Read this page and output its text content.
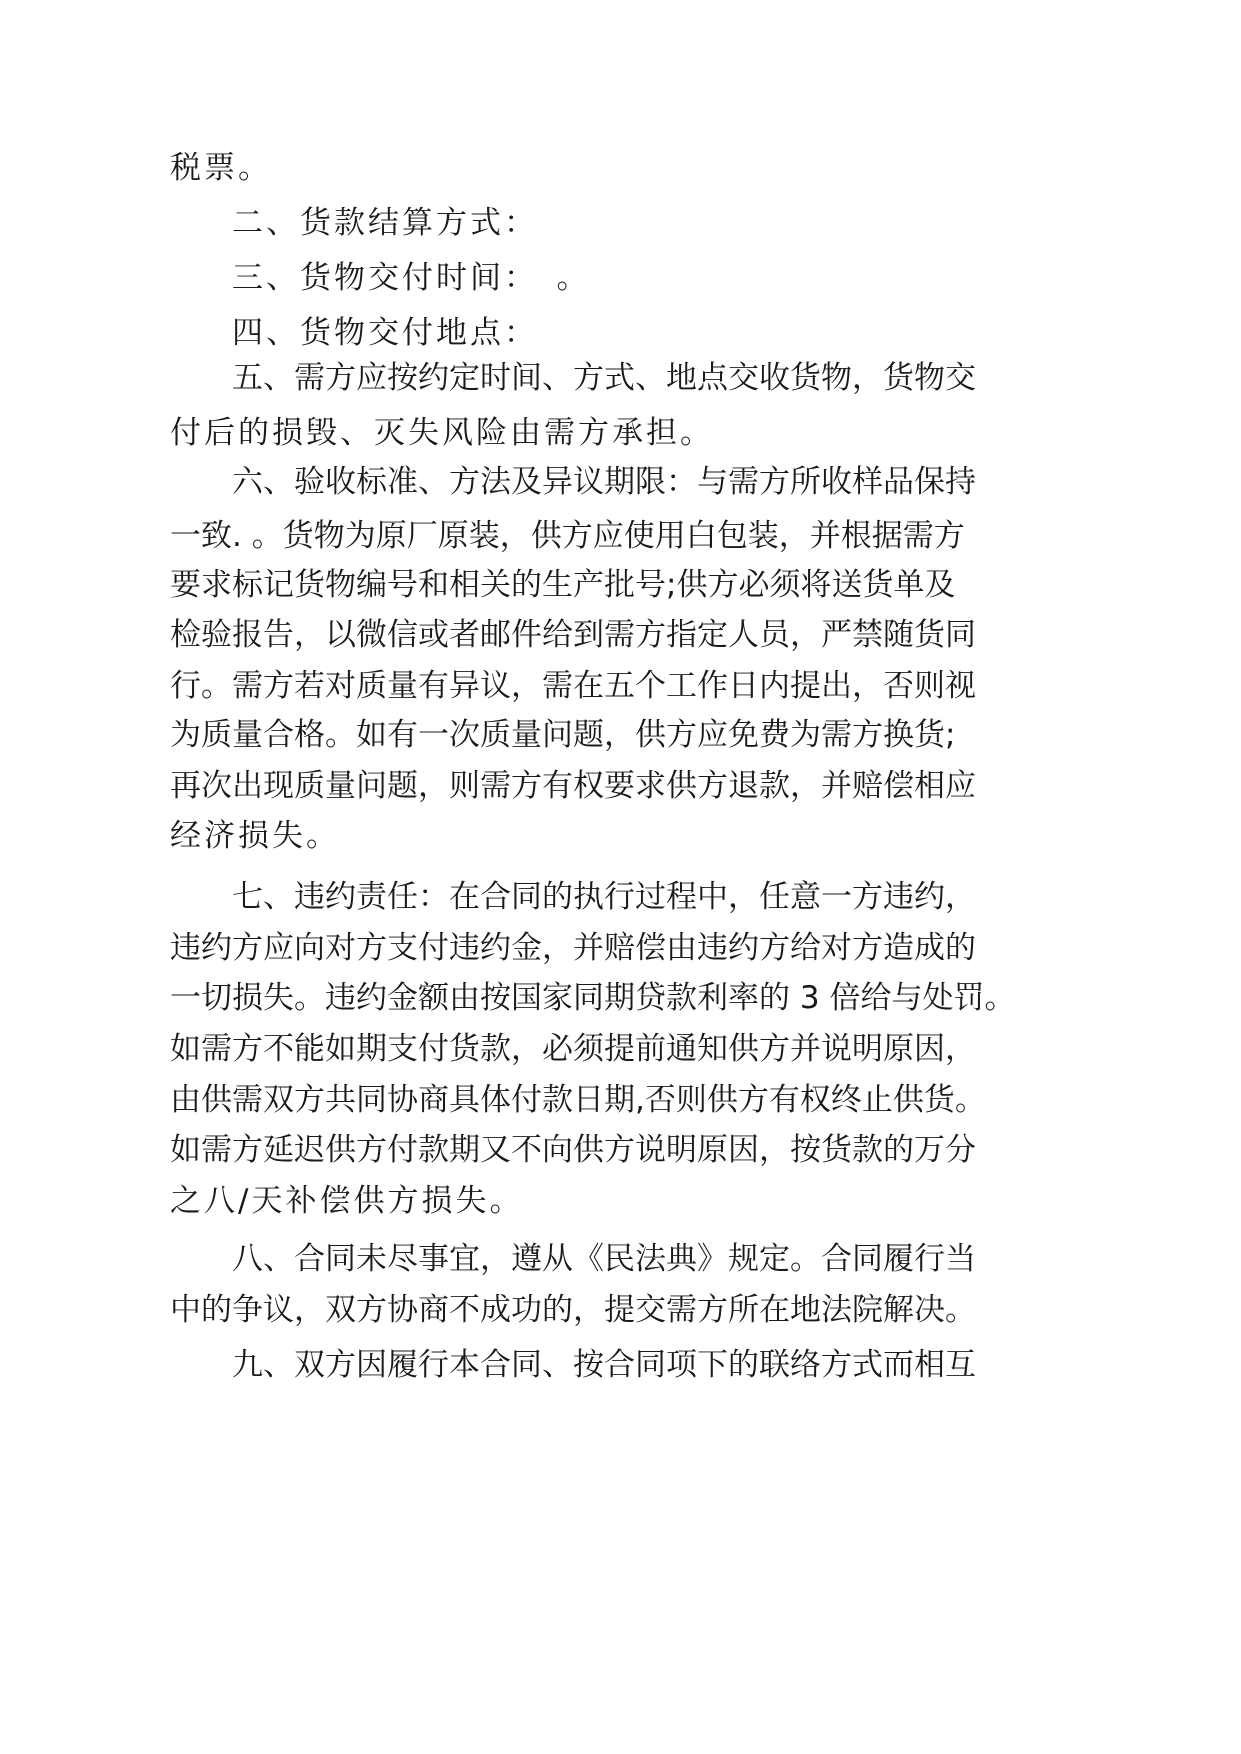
税票。
二、货款结算方式：
三、货物交付时间：　。
四、货物交付地点：
五 、 需 方 应 按 约 定 时 间 、 方 式 、 地 点 交 收 货 物 ， 货 物 交
付后的损毁、灭失风险由需方承担。
六 、 验 收 标 准 、 方 法 及 异 议 期 限 ： 与 需 方 所 收 样 品 保 持
一 致 .
。 货 物 为 原 厂 原 装 ， 供 方 应 使 用 白 包 装 ， 并 根 据 需 方
要 求 标 记 货 物 编 号 和 相 关 的 生 产 批 号 ; 供 方 必 须 将 送 货 单 及
检 验 报 告 ， 以 微 信 或 者 邮 件 给 到 需 方 指 定 人 员 ， 严 禁 随 货 同
行 。 需 方 若 对 质 量 有 异 议 ， 需 在 五 个 工 作 日 内 提 出 ， 否 则 视
为 质 量 合 格 。 如 有 一 次 质 量 问 题 ， 供 方 应 免 费 为 需 方 换 货 ;
再 次 出 现 质 量 问 题 ， 则 需 方 有 权 要 求 供 方 退 款 ， 并 赔 偿 相 应
经济损失。
七 、 违 约 责 任 ： 在 合 同 的 执 行 过 程 中 ， 任 意 一 方 违 约 ，
违 约 方 应 向 对 方 支 付 违 约 金 ， 并 赔 偿 由 违 约 方 给 对 方 造 成 的
一 切 损 失 。 违 约 金 额 由 按 国 家 同 期 贷 款 利 率 的
3
倍 给 与 处 罚 。
如 需 方 不 能 如 期 支 付 货 款 ， 必 须 提 前 通 知 供 方 并 说 明 原 因 ，
由 供 需 双 方 共 同 协 商 具 体 付 款 日 期 , 否 则 供 方 有 权 终 止 供 货 。
如 需 方 延 迟 供 方 付 款 期 又 不 向 供 方 说 明 原 因 ， 按 货 款 的 万 分
之八/天补偿供方损失。
八 、 合 同 未 尽 事 宜 ， 遵 从 《 民 法 典 》 规 定 。 合 同 履 行 当
中 的 争 议 ， 双 方 协 商 不 成 功 的 ， 提 交 需 方 所 在 地 法 院 解 决 。
九 、 双 方 因 履 行 本 合 同 、 按 合 同 项 下 的 联 络 方 式 而 相 互
